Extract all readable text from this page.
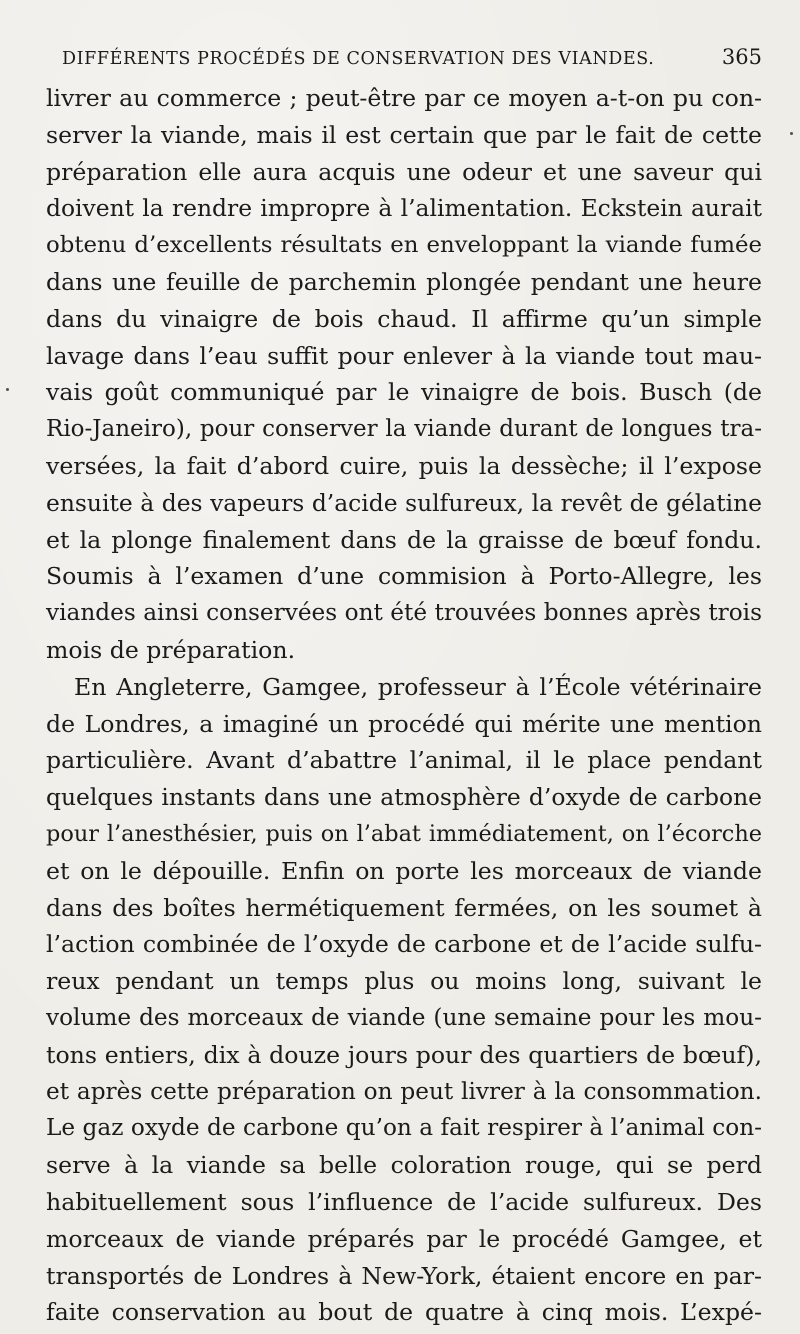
DIFFÉRENTS PROCÉDÉS DE CONSERVATION DES VIANDES.	365
livrer au commerce ; peut-être par ce moyen a-t-on pu con-
server la viande, mais il est certain que par le fait de cette
préparation elle aura acquis une odeur et une saveur qui
doivent la rendre impropre à l’alimentation. Eckstein aurait
obtenu d’excellents résultats en enveloppant la viande fumée
dans une feuille de parchemin plongée pendant une heure
dans du vinaigre de bois chaud. Il affirme qu’un simple
lavage dans l’eau suffit pour enlever à la viande tout mau-
vais goût communiqué par le vinaigre de bois. Busch (de
Rio-Janeiro), pour conserver la viande durant de longues tra-
versées, la fait d’abord cuire, puis la dessèche; il l’expose
ensuite à des vapeurs d’acide sulfureux, la revêt de gélatine
et la plonge finalement dans de la graisse de bœuf fondu.
Soumis à l’examen d’une commision à Porto-Allegre, les
viandes ainsi conservées ont été trouvées bonnes après trois
mois de préparation.
En Angleterre, Gamgee, professeur à l’École vétérinaire
de Londres, a imaginé un procédé qui mérite une mention
particulière. Avant d’abattre l’animal, il le place pendant
quelques instants dans une atmosphère d’oxyde de carbone
pour l’anesthésier, puis on l’abat immédiatement, on l’écorche
et on le dépouille. Enfin on porte les morceaux de viande
dans des boîtes hermétiquement fermées, on les soumet à
l’action combinée de l’oxyde de carbone et de l’acide sulfu-
reux pendant un temps plus ou moins long, suivant le
volume des morceaux de viande (une semaine pour les mou-
tons entiers, dix à douze jours pour des quartiers de bœuf),
et après cette préparation on peut livrer à la consommation.
Le gaz oxyde de carbone qu’on a fait respirer à l’animal con-
serve à la viande sa belle coloration rouge, qui se perd
habituellement sous l’influence de l’acide sulfureux. Des
morceaux de viande préparés par le procédé Gamgee, et
transportés de Londres à New-York, étaient encore en par-
faite conservation au bout de quatre à cinq mois. L’expé-
